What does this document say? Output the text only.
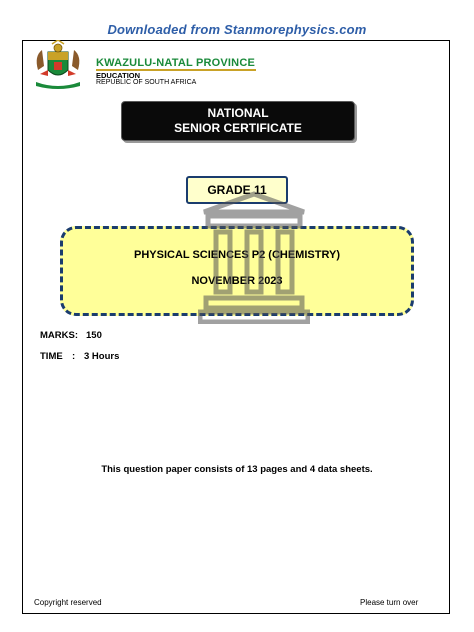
Downloaded from Stanmorephysics.com
KWAZULU-NATAL PROVINCE
EDUCATION
REPUBLIC OF SOUTH AFRICA
NATIONAL
SENIOR CERTIFICATE
GRADE 11
PHYSICAL SCIENCES P2 (CHEMISTRY)
NOVEMBER 2023
MARKS: 150
TIME : 3 Hours
This question paper consists of 13 pages and 4 data sheets.
Copyright reserved	Please turn over
